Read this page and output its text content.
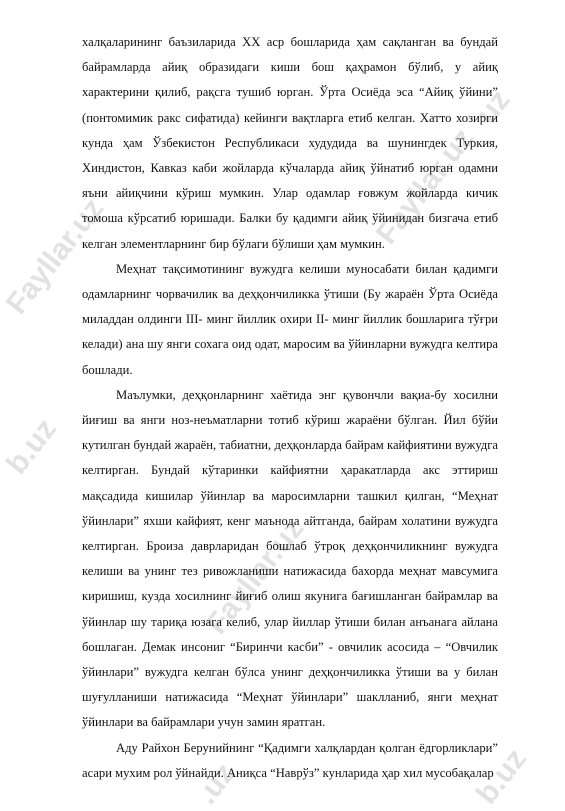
Fayllar.uz
Fayllar.uz
uz
b.uz
Fayllar.uz
.uz	b.uz

халқаларининг баъзиларида ХХ аср бошларида ҳам сақланган ва бундай байрамларда айиқ образидаги киши бош қаҳрамон бўлиб, у айиқ характерини қилиб, рақсга тушиб юрган. Ўрта Осиёда эса “Айиқ ўйини” (понтомимик ракс сифатида) кейинги вақтларга етиб келган. Хатто хозирги кунда ҳам Ўзбекистон Республикаси худудида ва шунингдек Туркия, Хиндистон, Кавказ каби жойларда кўчаларда айиқ ўйнатиб юрган одамни яъни айиқчини кўриш мумкин. Улар одамлар ғовжум жойларда кичик томоша кўрсатиб юришади. Балки бу қадимги айиқ ўйинидан бизгача етиб келган элементларнинг бир бўлаги бўлиши ҳам мумкин.

Меҳнат тақсимотининг вужудга келиши муносабати билан қадимги одамларнинг чорвачилик ва деҳқончиликка ўтиши (Бу жараён Ўрта Осиёда миладдан олдинги III- минг йиллик охири II- минг йиллик бошларига тўғри келади) ана шу янги сохага оид одат, маросим ва ўйинларни вужудга келтира бошлади.

Маълумки, деҳқонларнинг хаётида энг қувончли вақиа-бу хосилни йиғиш ва янги ноз-неъматларни тотиб кўриш жараёни бўлган. Йил бўйи кутилган бундай жараён, табиатни, деҳқонларда байрам кайфиятини вужудга келтирган. Бундай кўтаринки кайфиятни ҳаракатларда акс эттириш мақсадида кишилар ўйинлар ва маросимларни ташкил қилган, “Меҳнат ўйинлари” яхши кайфият, кенг маънода айтганда, байрам холатини вужудга келтирган. Броиза даврларидан бошлаб ўтроқ деҳқончиликнинг вужудга келиши ва унинг тез ривожланиши натижасида бахорда меҳнат мавсумига киришиш, кузда хосилнинг йиғиб олиш якунига бағишланган байрамлар ва ўйинлар шу тариқа юзага келиб, улар йиллар ўтиши билан анъанага айлана бошлаган. Демак инсониг “Биринчи касби” - овчилик асосида – “Овчилик ўйинлари” вужудга келган бўлса унинг деҳқончиликка ўтиши ва у билан шуғулланиши натижасида “Меҳнат ўйинлари” шаклланиб, янги меҳнат ўйинлари ва байрамлари учун замин яратган.

Аду Райхон Берунийнинг “Қадимги халқлардан қолган ёдгорликлари” асари мухим рол ўйнайди. Аниқса “Наврўз” кунларида ҳар хил мусобақалар
